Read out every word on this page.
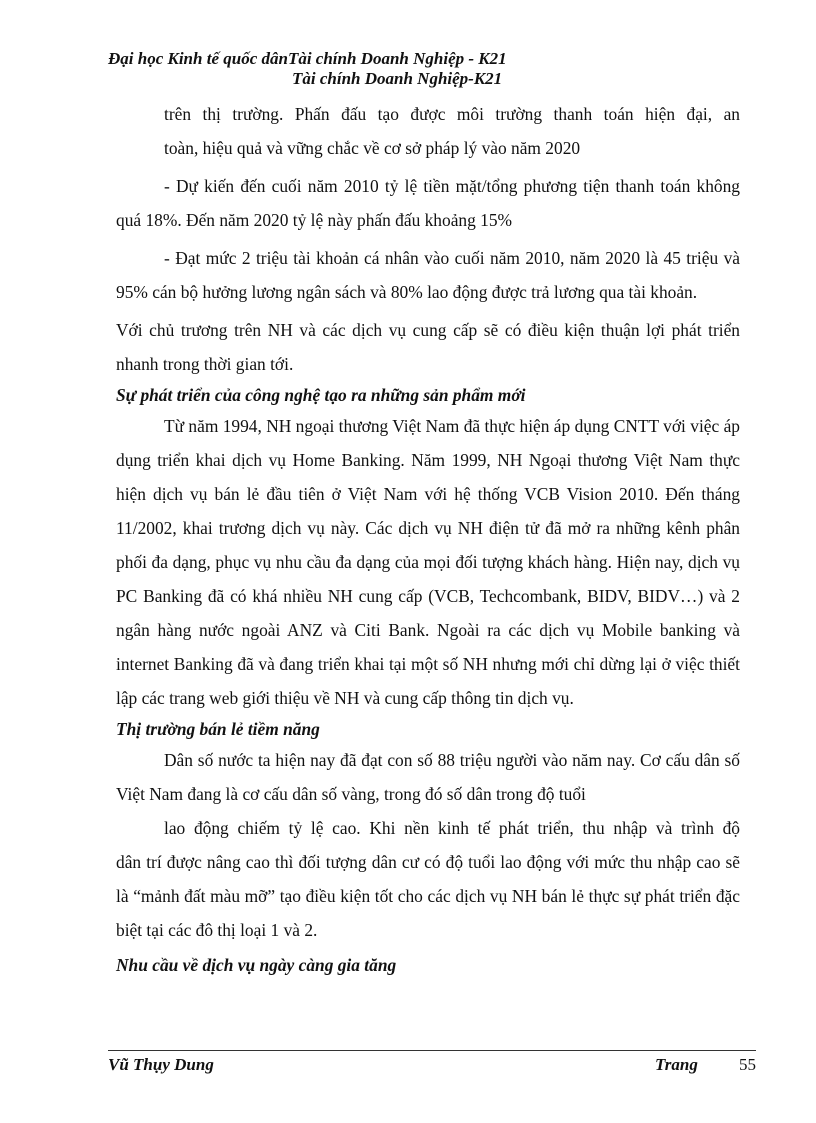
Đại học Kinh tế quốc dânTài chính Doanh Nghiệp - K21
Tài chính Doanh Nghiệp-K21

trên thị trường. Phấn đấu tạo được môi trường thanh toán hiện đại, an

toàn, hiệu quả và vững chắc về cơ sở pháp lý vào năm 2020

- Dự kiến đến cuối năm 2010 tỷ lệ tiền mặt/tổng phương tiện thanh toán không quá 18%. Đến năm 2020 tỷ lệ này phấn đấu khoảng 15%

- Đạt mức 2 triệu tài khoản cá nhân vào cuối năm 2010, năm 2020 là 45 triệu và 95% cán bộ hưởng lương ngân sách và 80% lao động được trả lương qua tài khoản.

Với chủ trương trên NH và các dịch vụ cung cấp sẽ có điều kiện thuận lợi phát triển nhanh trong thời gian tới.

Sự phát triển của công nghệ tạo ra những sản phẩm mới

Từ năm 1994, NH ngoại thương Việt Nam đã thực hiện áp dụng CNTT với việc áp dụng triển khai dịch vụ Home Banking. Năm 1999, NH Ngoại thương Việt Nam thực hiện dịch vụ bán lẻ đầu tiên ở Việt Nam với hệ thống VCB Vision 2010. Đến tháng 11/2002, khai trương dịch vụ này. Các dịch vụ NH điện tử đã mở ra những kênh phân phối đa dạng, phục vụ nhu cầu đa dạng của mọi đối tượng khách hàng. Hiện nay, dịch vụ PC Banking đã có khá nhiều NH cung cấp (VCB, Techcombank, BIDV, BIDV…) và 2 ngân hàng nước ngoài ANZ và Citi Bank. Ngoài ra các dịch vụ Mobile banking và internet Banking đã và đang triển khai tại một số NH nhưng mới chỉ dừng lại ở việc thiết lập các trang web giới thiệu về NH và cung cấp thông tin dịch vụ.

Thị trường bán lẻ tiềm năng

Dân số nước ta hiện nay đã đạt con số 88 triệu người vào năm nay. Cơ cấu dân số Việt Nam đang là cơ cấu dân số vàng, trong đó số dân trong độ tuổi

lao động chiếm tỷ lệ cao. Khi nền kinh tế phát triển, thu nhập và trình độ

dân trí được nâng cao thì đối tượng dân cư có độ tuổi lao động với mức thu nhập cao sẽ là “mảnh đất màu mỡ” tạo điều kiện tốt cho các dịch vụ NH bán lẻ thực sự phát triển đặc biệt tại các đô thị loại 1 và 2.

Nhu cầu về dịch vụ ngày càng gia tăng

Vũ Thụy Dung	Trang 55
